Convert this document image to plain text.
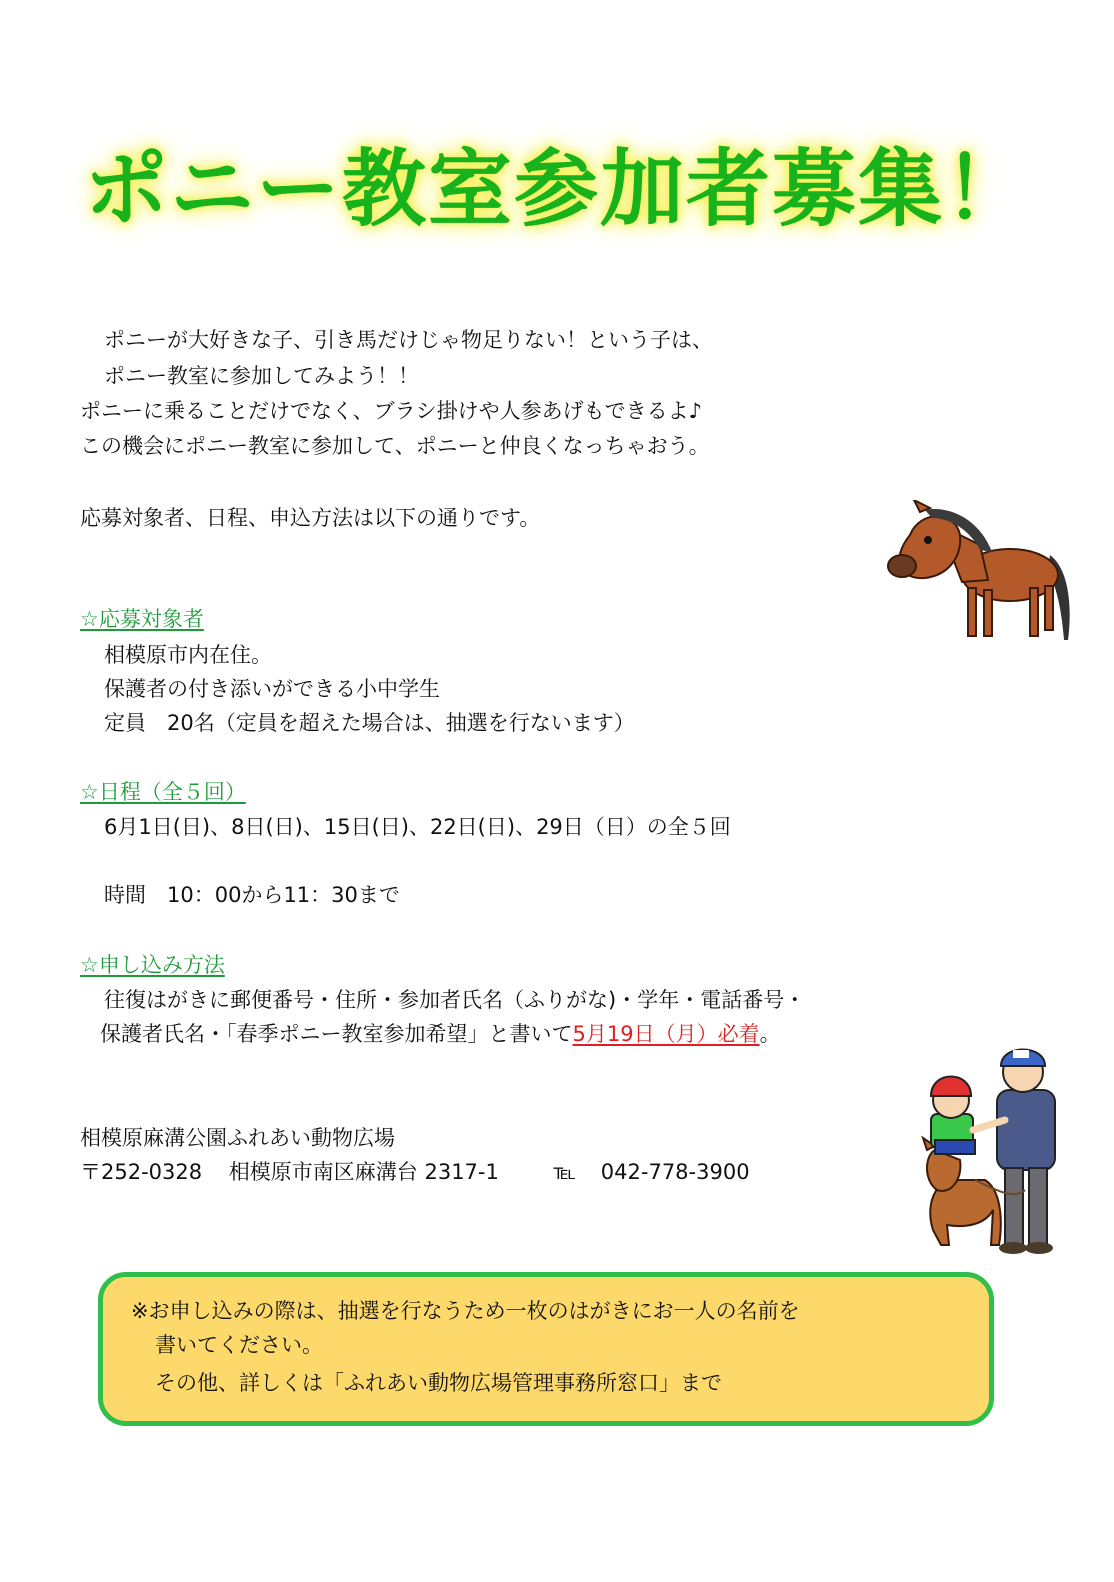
ポニー教室参加者募集！
ポニーが大好きな子、引き馬だけじゃ物足りない！という子は、
ポニー教室に参加してみよう！！
ポニーに乗ることだけでなく、ブラシ掛けや人参あげもできるよ♪
この機会にポニー教室に参加して、ポニーと仲良くなっちゃおう。
応募対象者、日程、申込方法は以下の通りです。
☆応募対象者
相模原市内在住。
保護者の付き添いができる小中学生
定員　20名（定員を超えた場合は、抽選を行ないます）
☆日程（全５回）
6月1日(日)、8日(日)、15日(日)、22日(日)、29日（日）の全５回
時間　10：00から11：30まで
☆申し込み方法
往復はがきに郵便番号・住所・参加者氏名（ふりがな)・学年・電話番号・
保護者氏名・「春季ポニー教室参加希望」と書いて5月19日（月）必着。
相模原麻溝公園ふれあい動物広場
〒252-0328 相模原市南区麻溝台 2317-1	℡ 042-778-3900
※お申し込みの際は、抽選を行なうため一枚のはがきにお一人の名前を
書いてください。
その他、詳しくは「ふれあい動物広場管理事務所窓口」まで
